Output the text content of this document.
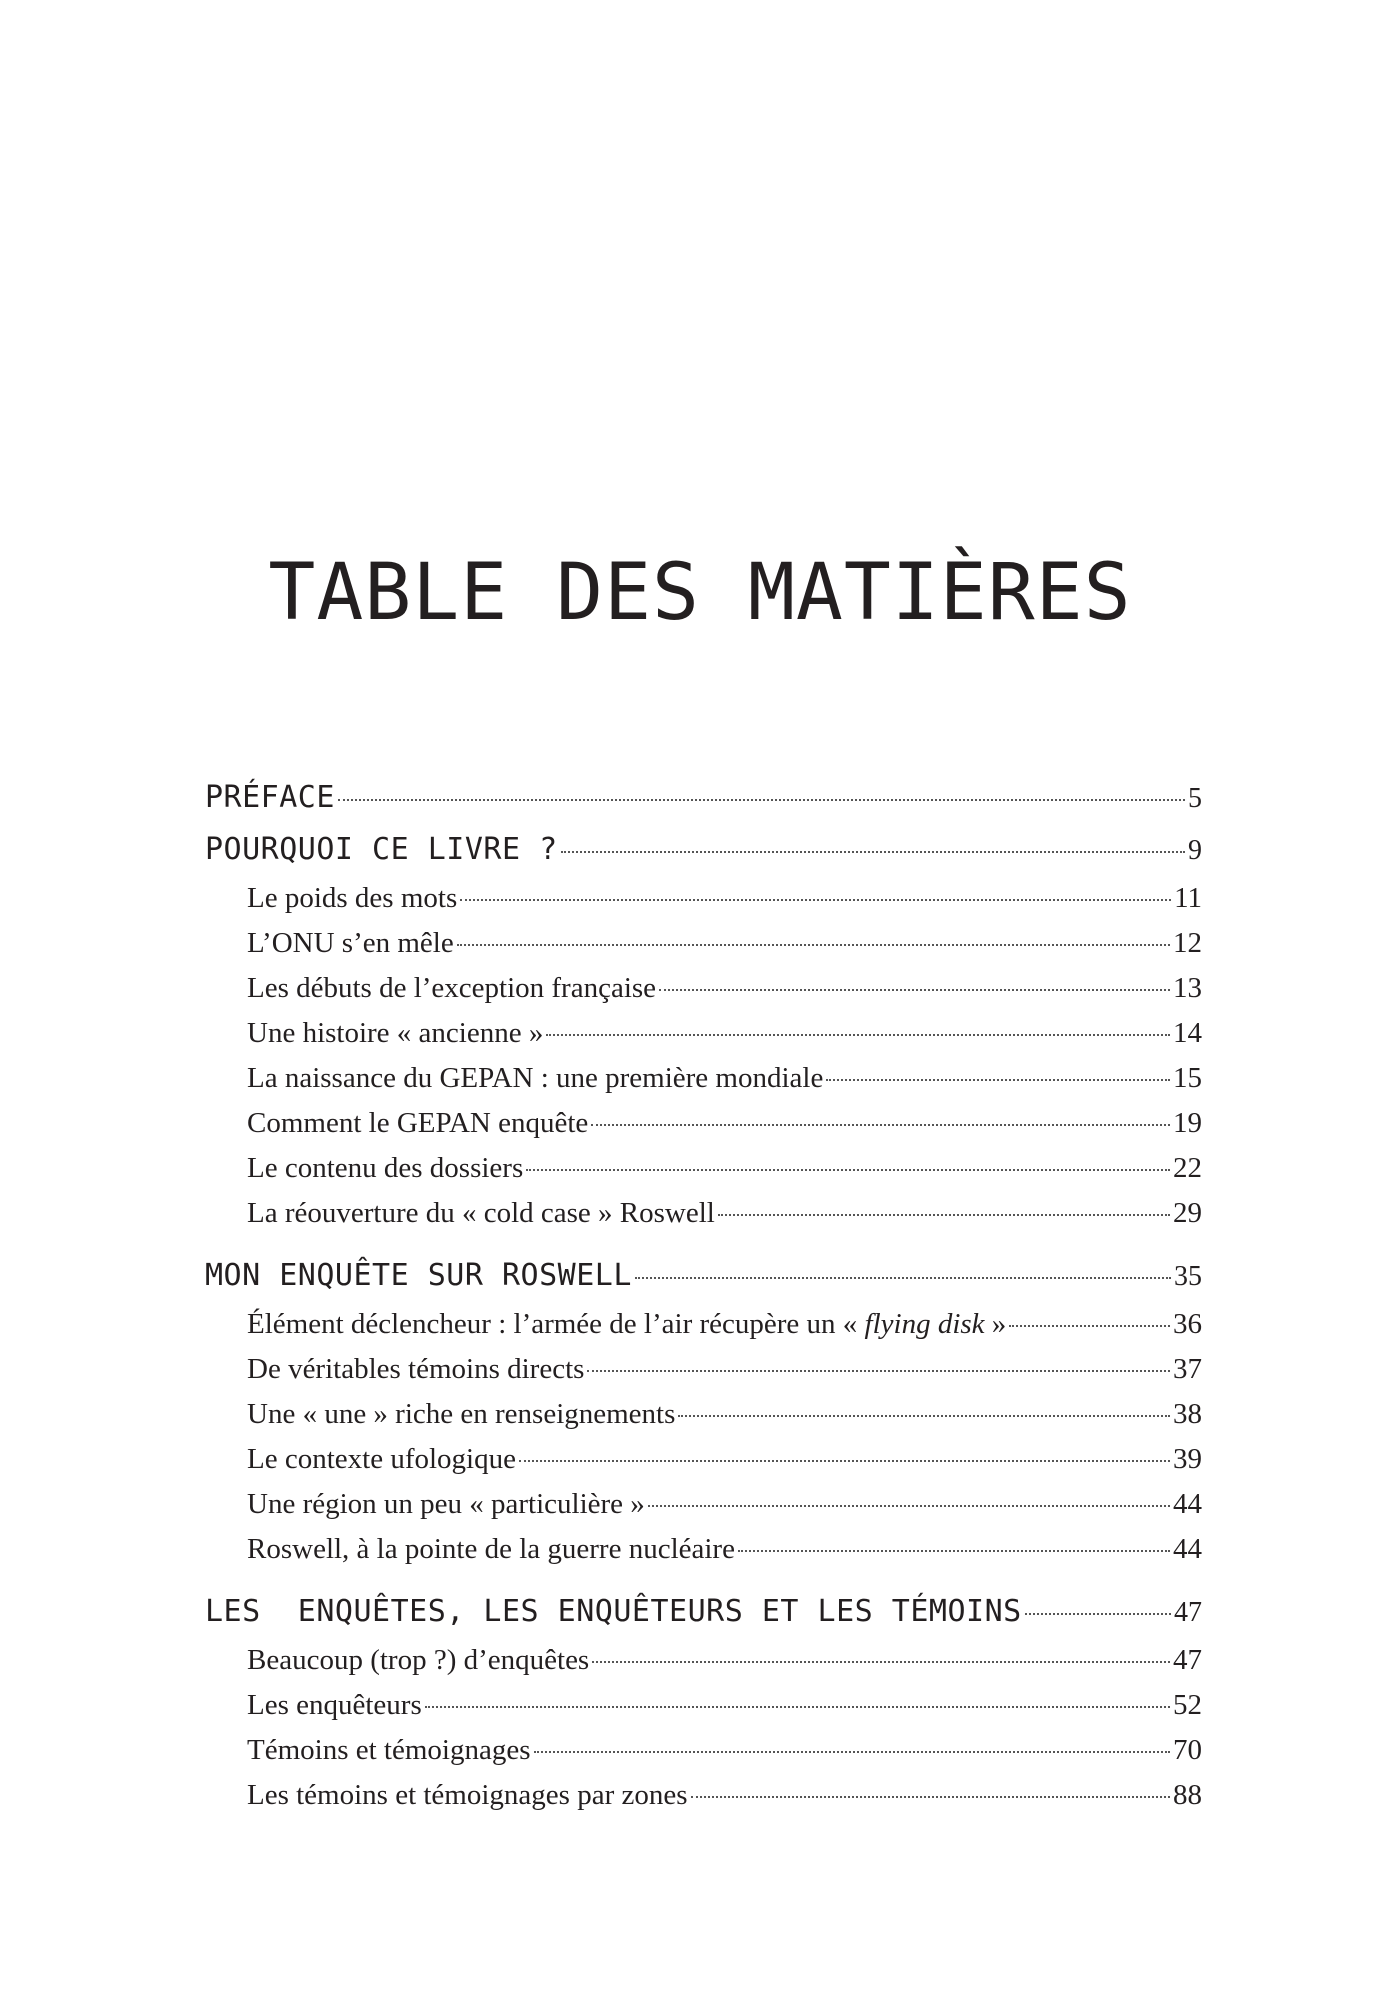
TABLE DES MATIÈRES
PRÉFACE	5
POURQUOI CE LIVRE ?	9
Le poids des mots	11
L’ONU s’en mêle	12
Les débuts de l’exception française	13
Une histoire « ancienne »	14
La naissance du GEPAN : une première mondiale	15
Comment le GEPAN enquête	19
Le contenu des dossiers	22
La réouverture du « cold case » Roswell	29
MON ENQUÊTE SUR ROSWELL	35
Élément déclencheur : l’armée de l’air récupère un « flying disk »	36
De véritables témoins directs	37
Une « une » riche en renseignements	38
Le contexte ufologique	39
Une région un peu « particulière »	44
Roswell, à la pointe de la guerre nucléaire	44
LES  ENQUÊTES, LES ENQUÊTEURS ET LES TÉMOINS	47
Beaucoup (trop ?) d’enquêtes	47
Les enquêteurs	52
Témoins et témoignages	70
Les témoins et témoignages par zones	88
